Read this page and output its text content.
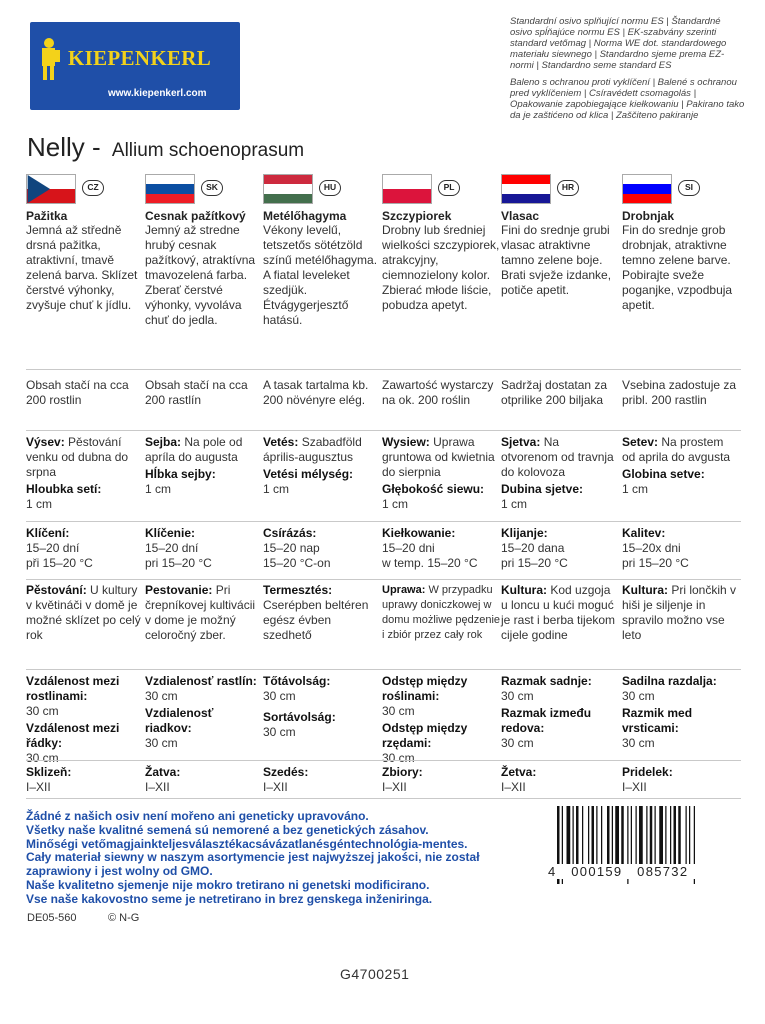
KIEPENKERL
www.kiepenkerl.com
Standardní osivo splňující normu ES | Štandardné osivo spĺňajúce normu ES | EK-szabvány szerinti standard vetőmag | Norma WE dot. standardowego materiału siewnego | Standardno sjeme prema EZ-normi | Standardno seme standard ES
Baleno s ochranou proti vyklíčení | Balené s ochranou pred vyklíčeniem | Csíravédett csomagolás | Opakowanie zapobiegające kiełkowaniu | Pakirano tako da je zaštićeno od klica | Zaščiteno pakiranje
Nelly - Allium schoenoprasum
CZ
Pažitka
Jemná až středně drsná pažitka, atraktivní, tmavě zelená barva. Sklízet čerstvé výhonky, zvyšuje chuť k jídlu.
SK
Cesnak pažítkový
Jemný až stredne hrubý cesnak pažítkový, atraktívna tmavozelená farba. Zberať čerstvé výhonky, vyvoláva chuť do jedla.
HU
Metélőhagyma
Vékony levelű, tetszetős sötétzöld színű metélőhagyma. A fiatal leveleket szedjük. Étvágygerjesztő hatású.
PL
Szczypiorek
Drobny lub średniej wielkości szczypiorek, atrakcyjny, ciemnozielony kolor. Zbierać młode liście, pobudza apetyt.
HR
Vlasac
Fini do srednje grubi vlasac atraktivne tamno zelene boje. Brati svježe izdanke, potiče apetit.
SI
Drobnjak
Fin do srednje grob drobnjak, atraktivne temno zelene barve. Pobirajte sveže poganjke, vzpodbuja apetit.
Obsah stačí na cca 200 rostlin
Obsah stačí na cca 200 rastlín
A tasak tartalma kb. 200 növényre elég.
Zawartość wystarczy na ok. 200 roślin
Sadržaj dostatan za otprilike 200 biljaka
Vsebina zadostuje za pribl. 200 rastlin
Výsev: Pěstování venku od dubna do srpna
Hloubka setí:
1 cm
Sejba: Na pole od apríla do augusta
Hĺbka sejby:
1 cm
Vetés: Szabadföld április-augusztus
Vetési mélység:
1 cm
Wysiew: Uprawa gruntowa od kwietnia do sierpnia
Głębokość siewu:
1 cm
Sjetva: Na otvorenom od travnja do kolovoza
Dubina sjetve:
1 cm
Setev: Na prostem od aprila do avgusta
Globina setve:
1 cm
Klíčení:
15–20 dní
při 15–20 °C
Klíčenie:
15–20 dní
pri 15–20 °C
Csírázás:
15–20 nap
15–20 °C-on
Kiełkowanie:
15–20 dni
w temp. 15–20 °C
Klijanje:
15–20 dana
pri 15–20 °C
Kalitev:
15–20x dni
pri 15–20 °C
Pěstování: U kultury v květináči v domě je možné sklízet po celý rok
Pestovanie: Pri črepníkovej kultivácii v dome je možný celoročný zber.
Termesztés: Cserépben beltéren egész évben szedhető
Uprawa: W przypadku uprawy doniczkowej w domu możliwe pędzenie i zbiór przez cały rok
Kultura: Kod uzgoja u loncu u kući moguć je rast i berba tijekom cijele godine
Kultura: Pri lončkih v hiši je siljenje in spravilo možno vse leto
Vzdálenost mezi rostlinami:
30 cm
Vzdálenost mezi řádky:
30 cm
Vzdialenosť rastlín:
30 cm
Vzdialenosť riadkov:
30 cm
Tőtávolság:
30 cm
Sortávolság:
30 cm
Odstęp między roślinami:
30 cm
Odstęp między rzędami:
30 cm
Razmak sadnje:
30 cm
Razmak između redova:
30 cm
Sadilna razdalja:
30 cm
Razmik med vrsticami:
30 cm
Sklizeň:
I–XII
Žatva:
I–XII
Szedés:
I–XII
Zbiory:
I–XII
Žetva:
I–XII
Pridelek:
I–XII
Žádné z našich osiv není mořeno ani geneticky upravováno.
Všetky naše kvalitné semená sú nemorené a bez genetických zásahov.
Minőségi vetőmagjainkteljesválasztékacsávázatlanésgéntechnológia-mentes.
Cały materiał siewny w naszym asortymencie jest najwyższej jakości, nie został zaprawiony i jest wolny od GMO.
Naše kvalitetno sjemenje nije mokro tretirano ni genetski modificirano.
Vse naše kakovostno seme je netretirano in brez genskega inženiringa.
4   000159   085732
DE05-560	© N-G
G4700251
